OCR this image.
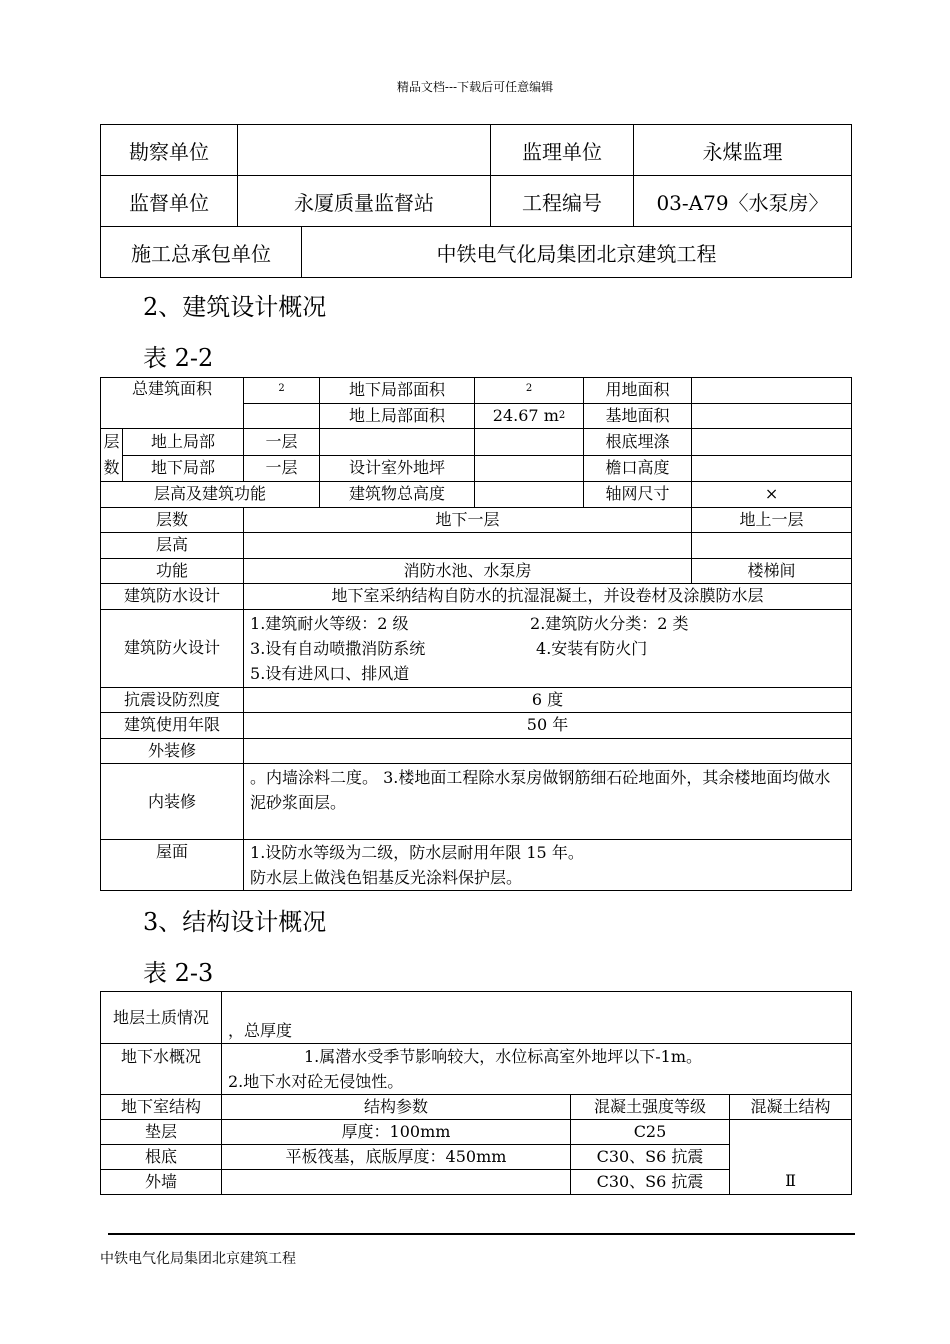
精品文档---下载后可任意编辑
勘察单位			监理单位	永煤监理
监督单位	永厦质量监督站		工程编号	03-A79〈水泵房〉
施工总承包单位		中铁电气化局集团北京建筑工程		
2、建筑设计概况
表 2-2
总建筑面积		$^2$	地下局部面积	$^2$	用地面积	
			地上局部面积	24.67 $m^2$	基地面积	
层数	地上局部	一层			根底埋涤	
	地下局部	一层	设计室外地坪		檐口高度	
层高及建筑功能			建筑物总高度		轴网尺寸	×
层数		地下一层				地上一层
层高						
功能		消防水池、水泵房				楼梯间
建筑防水设计		地下室采纳结构自防水的抗湿混凝土，并设卷材及涂膜防水层				
建筑防火设计		1.建筑耐火等级：2 级 2.建筑防火分类：2 类
3.设有自动喷撒消防系统 4.安装有防火门
5.设有进风口、排风道				

抗震设防烈度		6 度				
建筑使用年限		50 年				
外装修						
内装修		。内墙涂料二度。 3.楼地面工程除水泵房做钢筋细石砼地面外，其余楼地面均做水泥砂浆面层。				
屋面		1.设防水等级为二级，防水层耐用年限 15 年。
防水层上做浅色铝基反光涂料保护层。				
3、结构设计概况
表 2-3
地层土质情况	，总厚度		
地下水概况	1.属潜水受季节影响较大，水位标高室外地坪以下-1m。
2.地下水对砼无侵蚀性。		

地下室结构	结构参数	混凝土强度等级	混凝土结构
垫层	厚度：100mm	C25	Ⅱ
根底	平板筏基，底版厚度：450mm	C30、S6 抗震	
外墙		C30、S6 抗震	
中铁电气化局集团北京建筑工程
